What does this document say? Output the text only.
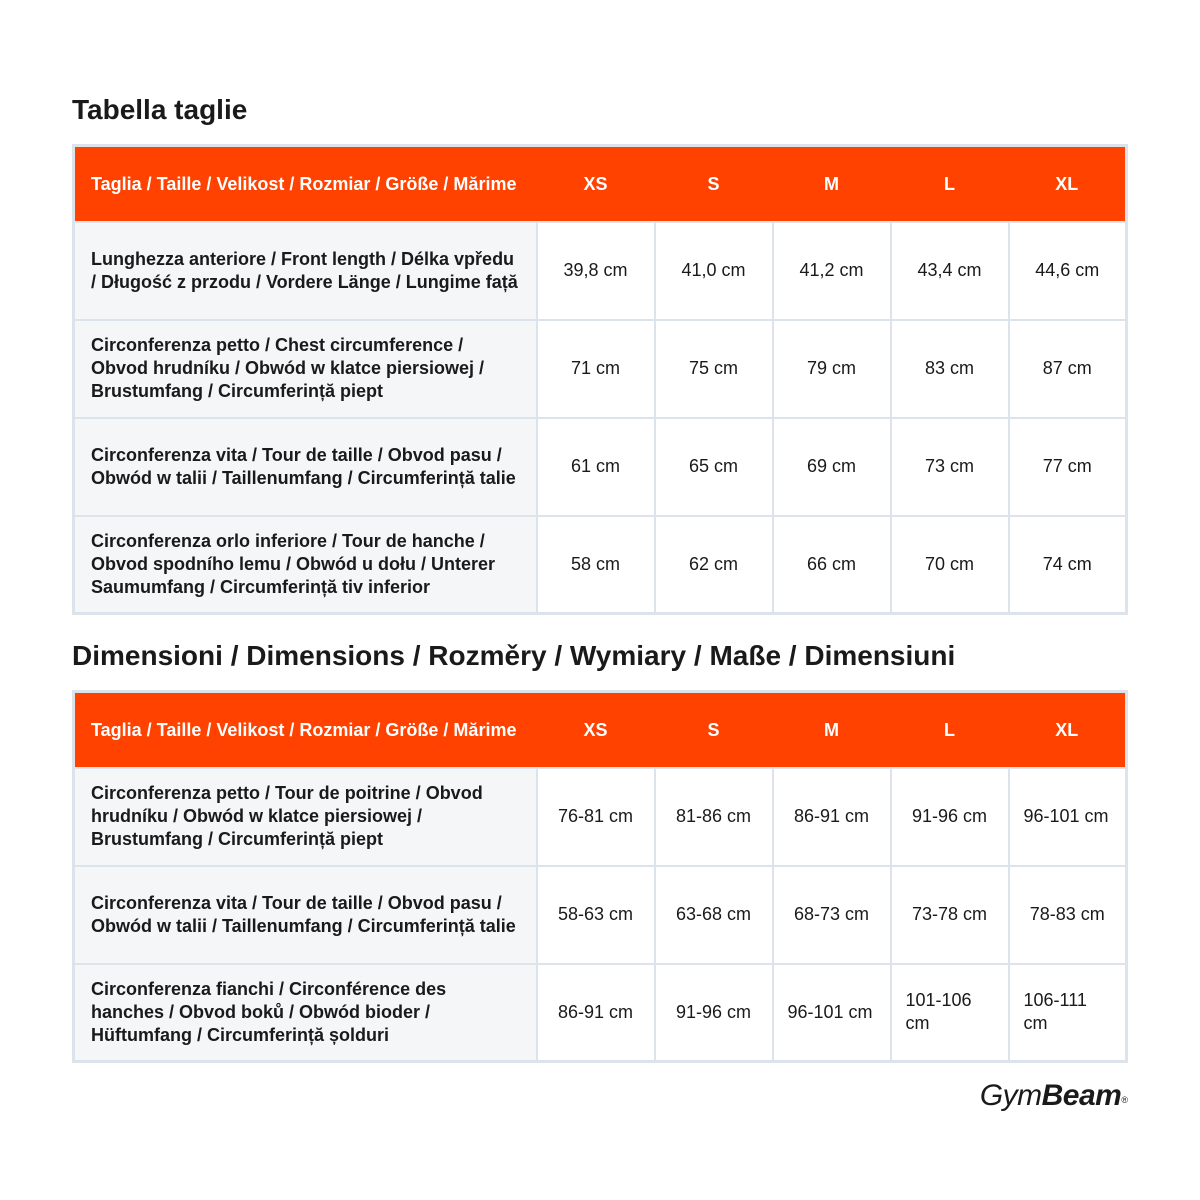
Tabella taglie
Taglia / Taille / Velikost / Rozmiar / Größe / Mărime	XS	S	M	L	XL
Lunghezza anteriore / Front length / Délka vpředu / Długość z przodu / Vordere Länge / Lungime față	39,8 cm	41,0 cm	41,2 cm	43,4 cm	44,6 cm
Circonferenza petto / Chest circumference / Obvod hrudníku / Obwód w klatce piersiowej / Brustumfang / Circumferință piept	71 cm	75 cm	79 cm	83 cm	87 cm
Circonferenza vita / Tour de taille / Obvod pasu / Obwód w talii / Taillenumfang / Circumferință talie	61 cm	65 cm	69 cm	73 cm	77 cm
Circonferenza orlo inferiore / Tour de hanche / Obvod spodního lemu / Obwód u dołu / Unterer Saumumfang / Circumferință tiv inferior	58 cm	62 cm	66 cm	70 cm	74 cm
Dimensioni / Dimensions / Rozměry / Wymiary / Maße / Dimensiuni
Taglia / Taille / Velikost / Rozmiar / Größe / Mărime	XS	S	M	L	XL
Circonferenza petto / Tour de poitrine / Obvod hrudníku / Obwód w klatce piersiowej / Brustumfang / Circumferință piept	76-81 cm	81-86 cm	86-91 cm	91-96 cm	96-101 cm
Circonferenza vita / Tour de taille / Obvod pasu / Obwód w talii / Taillenumfang / Circumferință talie	58-63 cm	63-68 cm	68-73 cm	73-78 cm	78-83 cm
Circonferenza fianchi / Circonférence des hanches / Obvod boků / Obwód bioder / Hüftumfang / Circumferință șolduri	86-91 cm	91-96 cm	96-101 cm	101-106 cm	106-111 cm
GymBeam®
